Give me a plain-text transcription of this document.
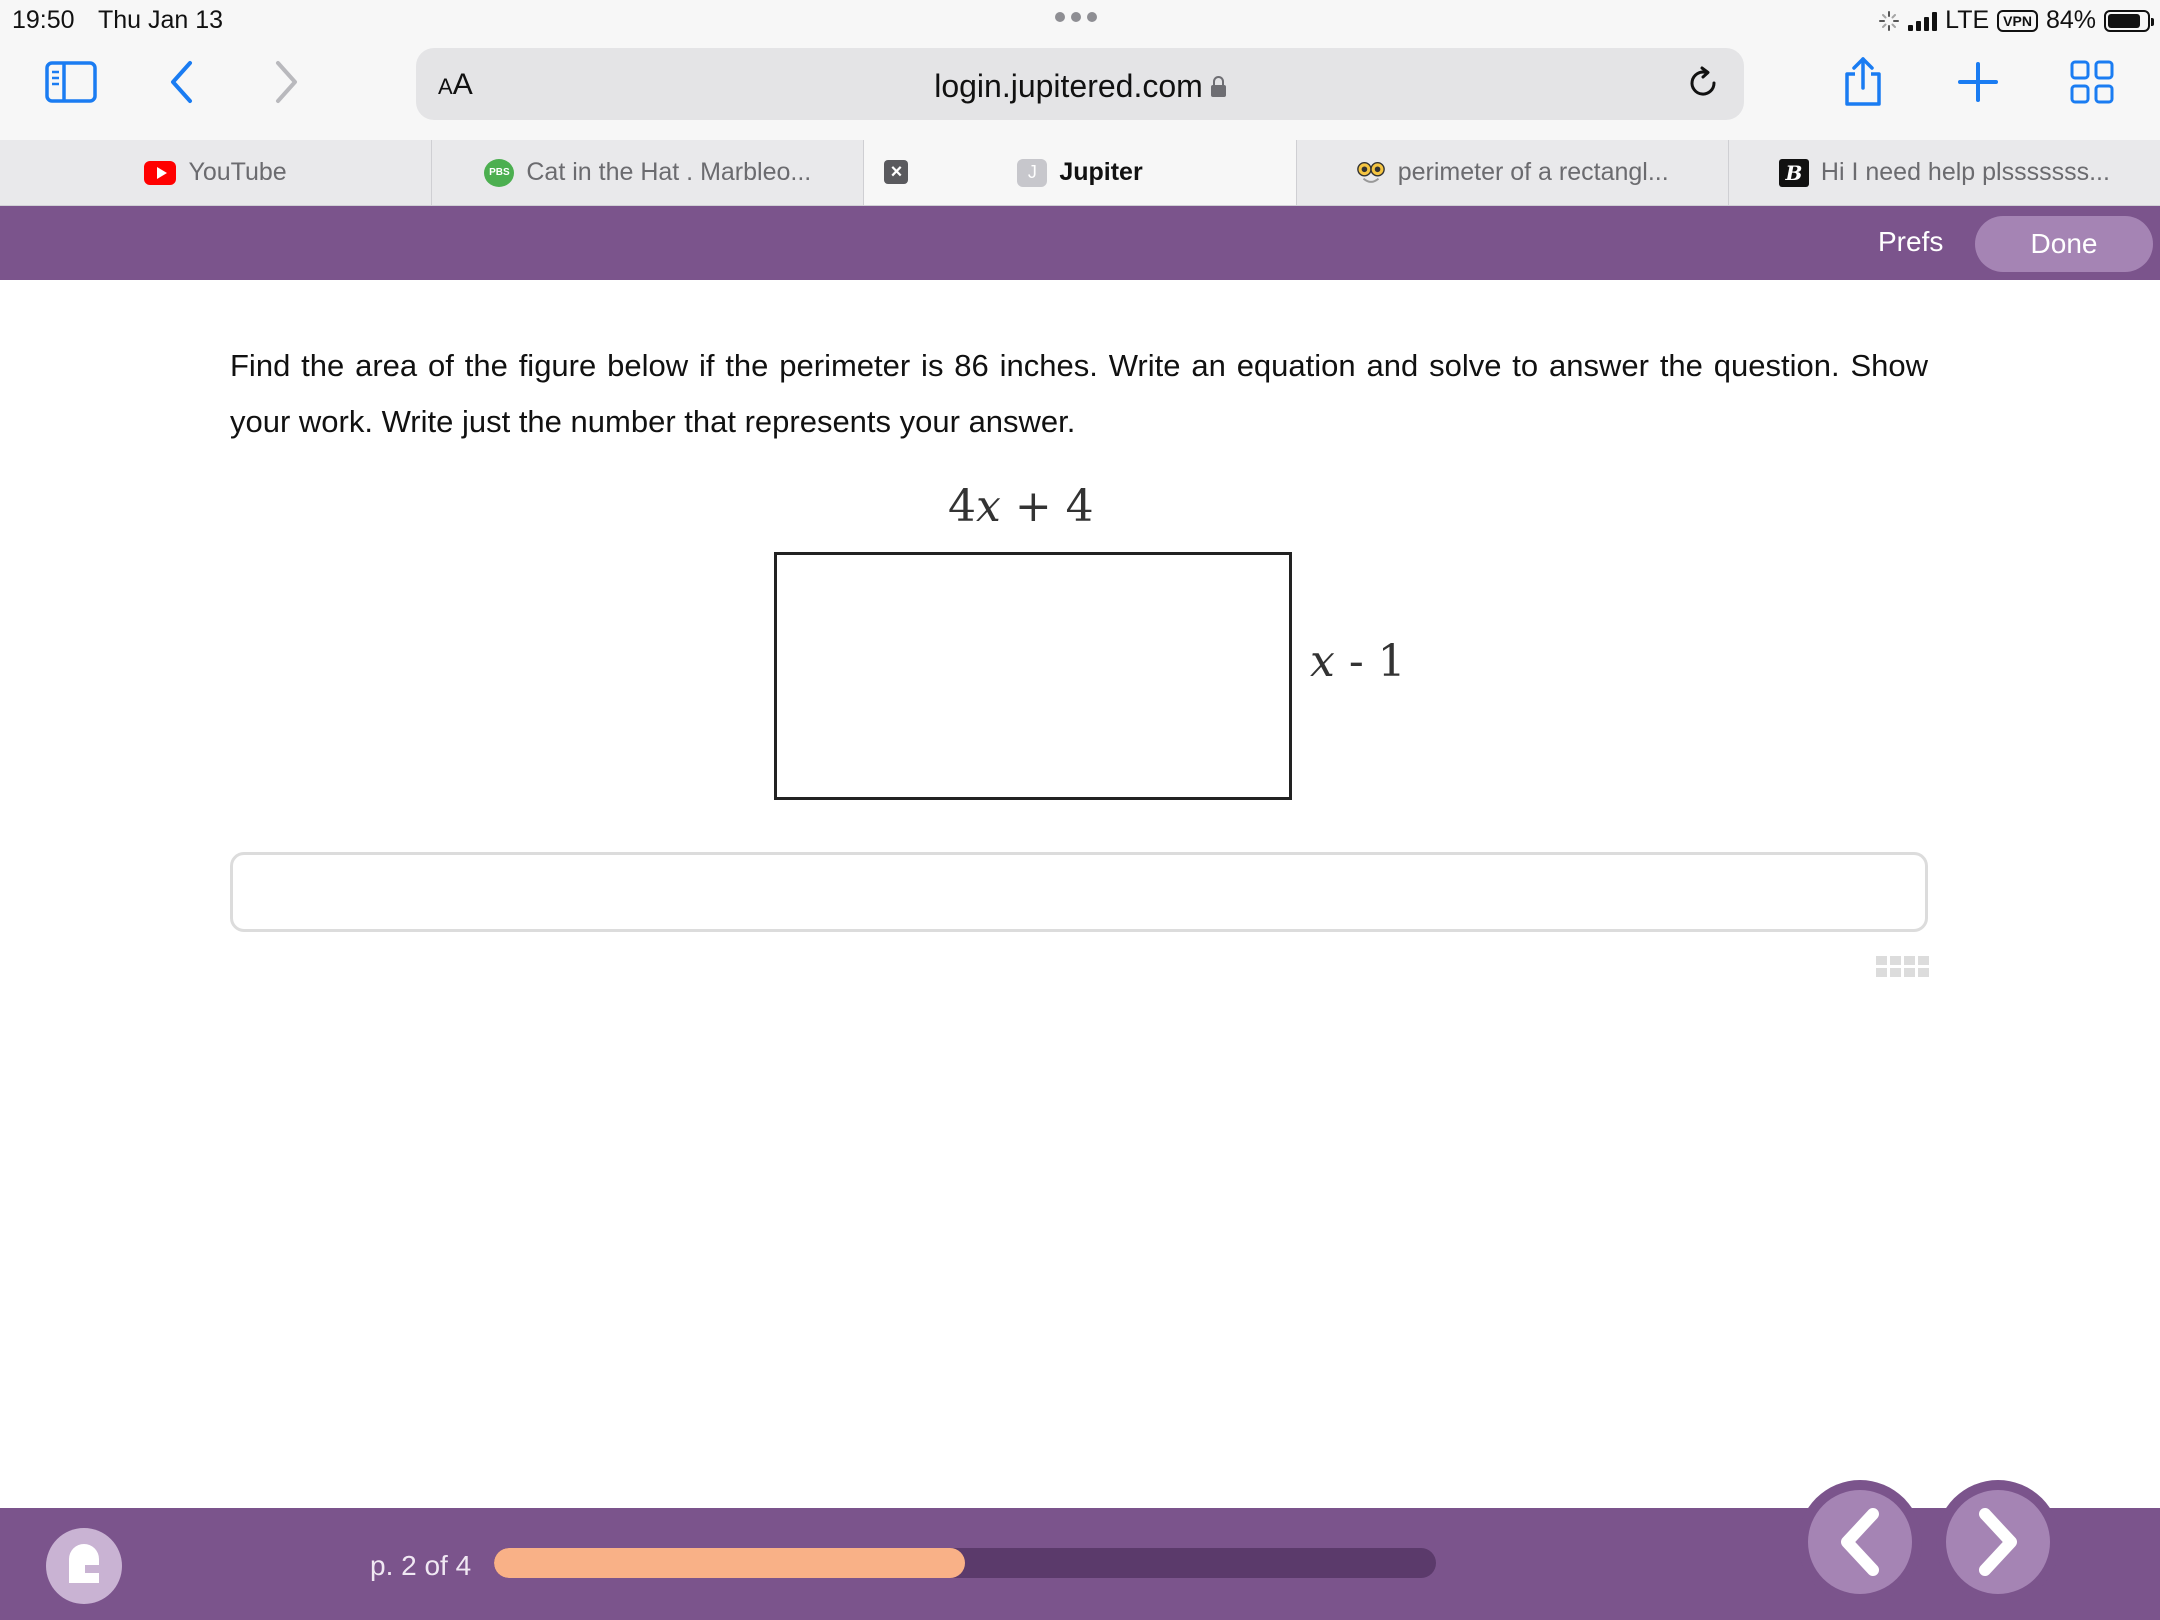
19:50 Thu Jan 13	LTE	VPN 84%
AA	login.jupitered.com
YouTube	PBS Cat in the Hat . Marbleo...	×	J Jupiter	perimeter of a rectangl...	B Hi I need help plsssssss...
Prefs	Done

Find the area of the figure below if the perimeter is 86 inches. Write an equation and solve to answer the question. Show your work. Write just the number that represents your answer.

4x + 4
x - 1
p. 2 of 4
